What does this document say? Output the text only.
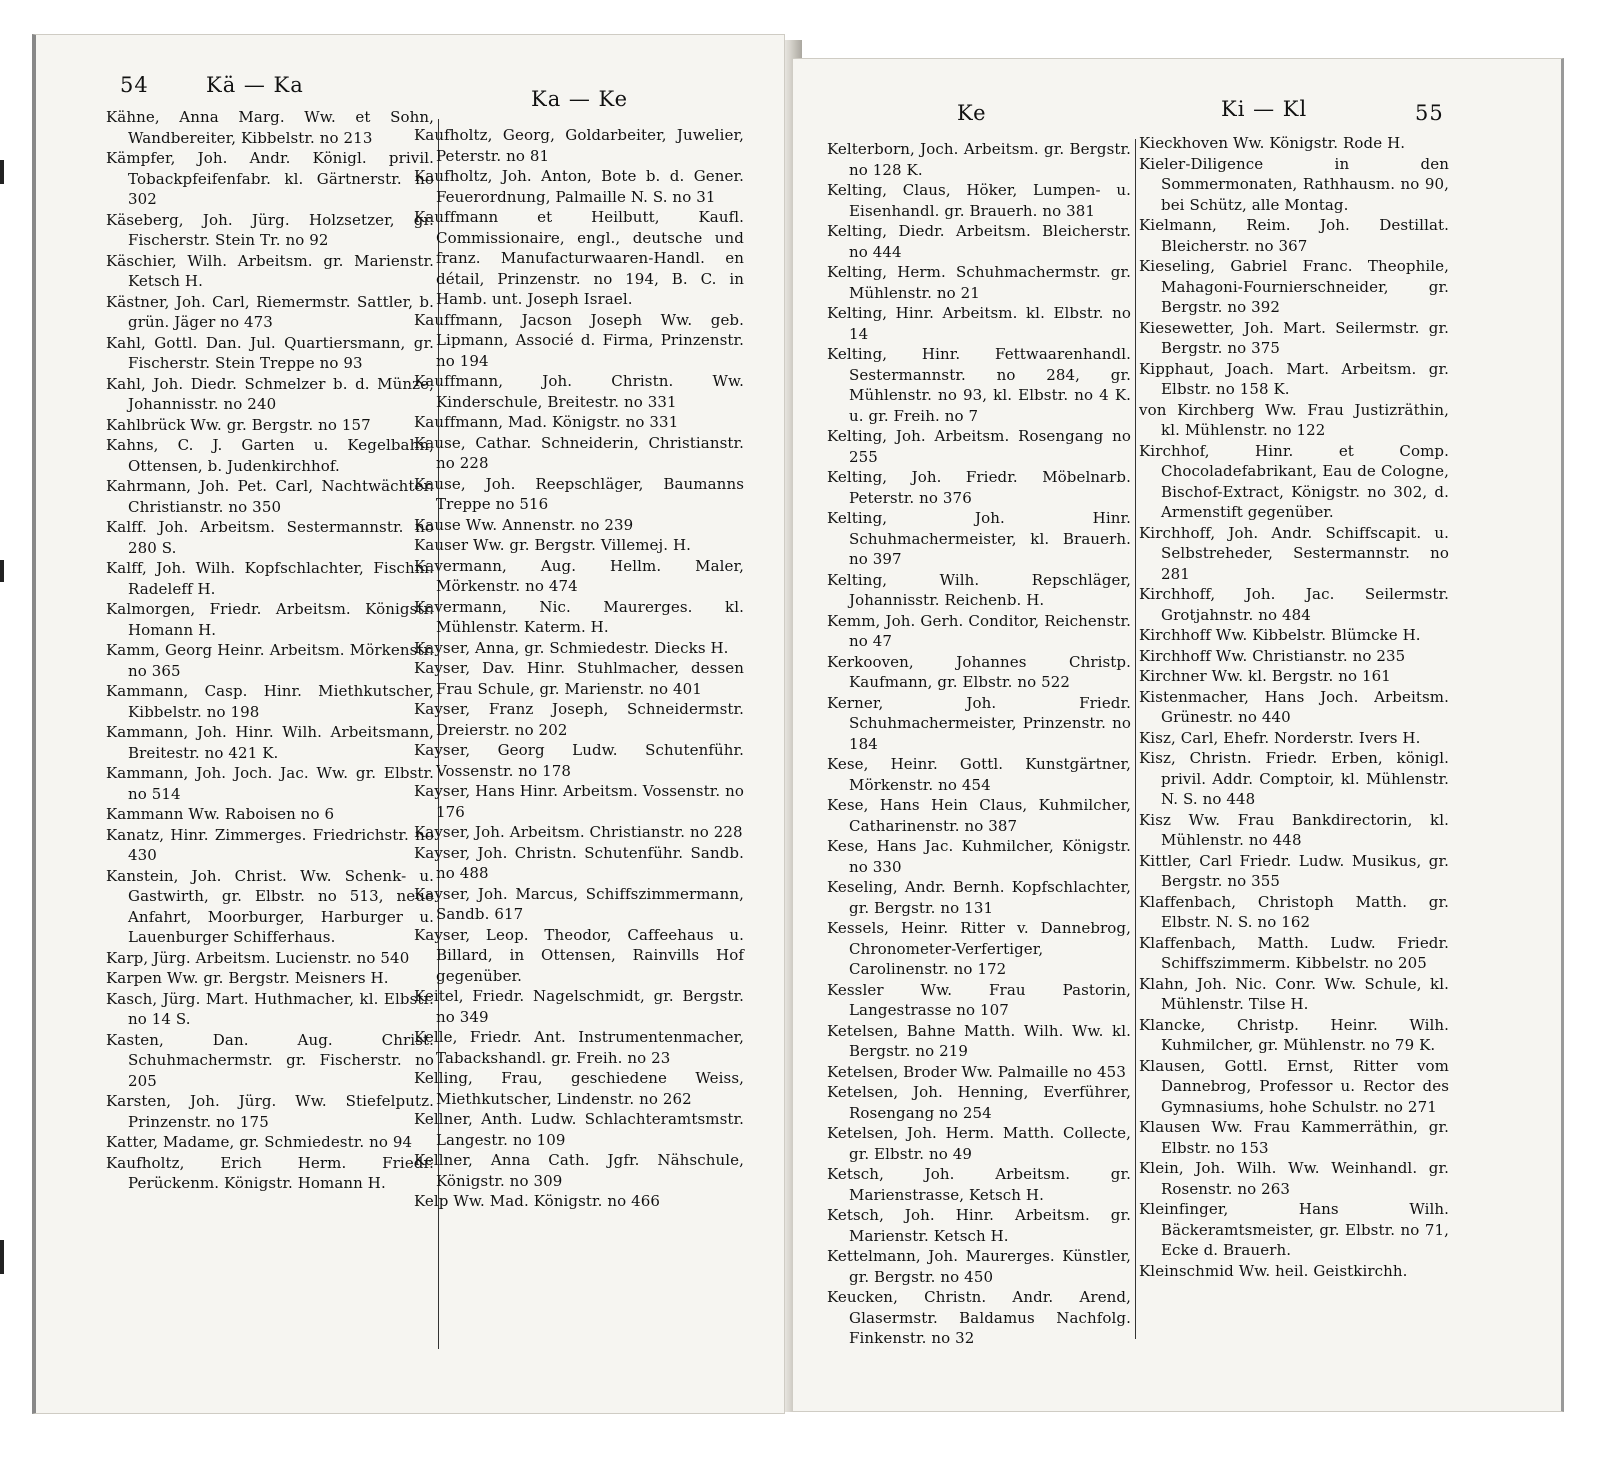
54	Kä — Ka
Ka — Ke

Kähne, Anna Marg. Ww. et Sohn, Wandbereiter, Kibbelstr. no 213

Kämpfer, Joh. Andr. Königl. privil. Tobackpfeifenfabr. kl. Gärtnerstr. no 302

Käseberg, Joh. Jürg. Holzsetzer, gr. Fischerstr. Stein Tr. no 92

Käschier, Wilh. Arbeitsm. gr. Marienstr. Ketsch H.

Kästner, Joh. Carl, Riemermstr. Sattler, b. grün. Jäger no 473

Kahl, Gottl. Dan. Jul. Quartiersmann, gr. Fischerstr. Stein Treppe no 93

Kahl, Joh. Diedr. Schmelzer b. d. Münze, Johannisstr. no 240

Kahlbrück Ww. gr. Bergstr. no 157

Kahns, C. J. Garten u. Kegelbahn, Ottensen, b. Judenkirchhof.

Kahrmann, Joh. Pet. Carl, Nachtwächter. Christianstr. no 350

Kalff. Joh. Arbeitsm. Sestermannstr. no 280 S.

Kalff, Joh. Wilh. Kopfschlachter, Fischm. Radeleff H.

Kalmorgen, Friedr. Arbeitsm. Königstr. Homann H.

Kamm, Georg Heinr. Arbeitsm. Mörkenstr. no 365

Kammann, Casp. Hinr. Miethkutscher, Kibbelstr. no 198

Kammann, Joh. Hinr. Wilh. Arbeitsmann, Breitestr. no 421 K.

Kammann, Joh. Joch. Jac. Ww. gr. Elbstr. no 514

Kammann Ww. Raboisen no 6

Kanatz, Hinr. Zimmerges. Friedrichstr. no 430

Kanstein, Joh. Christ. Ww. Schenk- u. Gastwirth, gr. Elbstr. no 513, neue Anfahrt, Moorburger, Harburger u. Lauenburger Schifferhaus.

Karp, Jürg. Arbeitsm. Lucienstr. no 540

Karpen Ww. gr. Bergstr. Meisners H.

Kasch, Jürg. Mart. Huthmacher, kl. Elbstr. no 14 S.

Kasten, Dan. Aug. Christ. Schuhmachermstr. gr. Fischerstr. no 205

Karsten, Joh. Jürg. Ww. Stiefelputz. Prinzenstr. no 175

Katter, Madame, gr. Schmiedestr. no 94

Kaufholtz, Erich Herm. Friedr. Perückenm. Königstr. Homann H.

Kaufholtz, Georg, Goldarbeiter, Juwelier, Peterstr. no 81

Kaufholtz, Joh. Anton, Bote b. d. Gener. Feuerordnung, Palmaille N. S. no 31

Kauffmann et Heilbutt, Kaufl. Commissionaire, engl., deutsche und franz. Manufacturwaaren-Handl. en détail, Prinzenstr. no 194, B. C. in Hamb. unt. Joseph Israel.

Kauffmann, Jacson Joseph Ww. geb. Lipmann, Associé d. Firma, Prinzenstr. no 194

Kauffmann, Joh. Christn. Ww. Kinderschule, Breitestr. no 331

Kauffmann, Mad. Königstr. no 331

Kause, Cathar. Schneiderin, Christianstr. no 228

Kause, Joh. Reepschläger, Baumanns Treppe no 516

Kause Ww. Annenstr. no 239

Kauser Ww. gr. Bergstr. Villemej. H.

Kavermann, Aug. Hellm. Maler, Mörkenstr. no 474

Kavermann, Nic. Maurerges. kl. Mühlenstr. Katerm. H.

Kayser, Anna, gr. Schmiedestr. Diecks H.

Kayser, Dav. Hinr. Stuhlmacher, dessen Frau Schule, gr. Marienstr. no 401

Kayser, Franz Joseph, Schneidermstr. Dreierstr. no 202

Kayser, Georg Ludw. Schutenführ. Vossenstr. no 178

Kayser, Hans Hinr. Arbeitsm. Vossenstr. no 176

Kayser, Joh. Arbeitsm. Christianstr. no 228

Kayser, Joh. Christn. Schutenführ. Sandb. no 488

Kayser, Joh. Marcus, Schiffszimmermann, Sandb. 617

Kayser, Leop. Theodor, Caffeehaus u. Billard, in Ottensen, Rainvills Hof gegenüber.

Keitel, Friedr. Nagelschmidt, gr. Bergstr. no 349

Kelle, Friedr. Ant. Instrumentenmacher, Tabackshandl. gr. Freih. no 23

Kelling, Frau, geschiedene Weiss, Miethkutscher, Lindenstr. no 262

Kellner, Anth. Ludw. Schlachteramtsmstr. Langestr. no 109

Kellner, Anna Cath. Jgfr. Nähschule, Königstr. no 309

Kelp Ww. Mad. Königstr. no 466

Ke	Ki — Kl	55

Kelterborn, Joch. Arbeitsm. gr. Bergstr. no 128 K.

Kelting, Claus, Höker, Lumpen- u. Eisenhandl. gr. Brauerh. no 381

Kelting, Diedr. Arbeitsm. Bleicherstr. no 444

Kelting, Herm. Schuhmachermstr. gr. Mühlenstr. no 21

Kelting, Hinr. Arbeitsm. kl. Elbstr. no 14

Kelting, Hinr. Fettwaarenhandl. Sestermannstr. no 284, gr. Mühlenstr. no 93, kl. Elbstr. no 4 K. u. gr. Freih. no 7

Kelting, Joh. Arbeitsm. Rosengang no 255

Kelting, Joh. Friedr. Möbelnarb. Peterstr. no 376

Kelting, Joh. Hinr. Schuhmachermeister, kl. Brauerh. no 397

Kelting, Wilh. Repschläger, Johannisstr. Reichenb. H.

Kemm, Joh. Gerh. Conditor, Reichenstr. no 47

Kerkooven, Johannes Christp. Kaufmann, gr. Elbstr. no 522

Kerner, Joh. Friedr. Schuhmachermeister, Prinzenstr. no 184

Kese, Heinr. Gottl. Kunstgärtner, Mörkenstr. no 454

Kese, Hans Hein Claus, Kuhmilcher, Catharinenstr. no 387

Kese, Hans Jac. Kuhmilcher, Königstr. no 330

Keseling, Andr. Bernh. Kopfschlachter, gr. Bergstr. no 131

Kessels, Heinr. Ritter v. Dannebrog, Chronometer-Verfertiger, Carolinenstr. no 172

Kessler Ww. Frau Pastorin, Langestrasse no 107

Ketelsen, Bahne Matth. Wilh. Ww. kl. Bergstr. no 219

Ketelsen, Broder Ww. Palmaille no 453

Ketelsen, Joh. Henning, Everführer, Rosengang no 254

Ketelsen, Joh. Herm. Matth. Collecte, gr. Elbstr. no 49

Ketsch, Joh. Arbeitsm. gr. Marienstrasse, Ketsch H.

Ketsch, Joh. Hinr. Arbeitsm. gr. Marienstr. Ketsch H.

Kettelmann, Joh. Maurerges. Künstler, gr. Bergstr. no 450

Keucken, Christn. Andr. Arend, Glasermstr. Baldamus Nachfolg. Finkenstr. no 32

Kieckhoven Ww. Königstr. Rode H.

Kieler-Diligence in den Sommermonaten, Rathhausm. no 90, bei Schütz, alle Montag.

Kielmann, Reim. Joh. Destillat. Bleicherstr. no 367

Kieseling, Gabriel Franc. Theophile, Mahagoni-Fournierschneider, gr. Bergstr. no 392

Kiesewetter, Joh. Mart. Seilermstr. gr. Bergstr. no 375

Kipphaut, Joach. Mart. Arbeitsm. gr. Elbstr. no 158 K.

von Kirchberg Ww. Frau Justizräthin, kl. Mühlenstr. no 122

Kirchhof, Hinr. et Comp. Chocoladefabrikant, Eau de Cologne, Bischof-Extract, Königstr. no 302, d. Armenstift gegenüber.

Kirchhoff, Joh. Andr. Schiffscapit. u. Selbstreheder, Sestermannstr. no 281

Kirchhoff, Joh. Jac. Seilermstr. Grotjahnstr. no 484

Kirchhoff Ww. Kibbelstr. Blümcke H.

Kirchhoff Ww. Christianstr. no 235

Kirchner Ww. kl. Bergstr. no 161

Kistenmacher, Hans Joch. Arbeitsm. Grünestr. no 440

Kisz, Carl, Ehefr. Norderstr. Ivers H.

Kisz, Christn. Friedr. Erben, königl. privil. Addr. Comptoir, kl. Mühlenstr. N. S. no 448

Kisz Ww. Frau Bankdirectorin, kl. Mühlenstr. no 448

Kittler, Carl Friedr. Ludw. Musikus, gr. Bergstr. no 355

Klaffenbach, Christoph Matth. gr. Elbstr. N. S. no 162

Klaffenbach, Matth. Ludw. Friedr. Schiffszimmerm. Kibbelstr. no 205

Klahn, Joh. Nic. Conr. Ww. Schule, kl. Mühlenstr. Tilse H.

Klancke, Christp. Heinr. Wilh. Kuhmilcher, gr. Mühlenstr. no 79 K.

Klausen, Gottl. Ernst, Ritter vom Dannebrog, Professor u. Rector des Gymnasiums, hohe Schulstr. no 271

Klausen Ww. Frau Kammerräthin, gr. Elbstr. no 153

Klein, Joh. Wilh. Ww. Weinhandl. gr. Rosenstr. no 263

Kleinfinger, Hans Wilh. Bäckeramtsmeister, gr. Elbstr. no 71, Ecke d. Brauerh.

Kleinschmid Ww. heil. Geistkirchh.
